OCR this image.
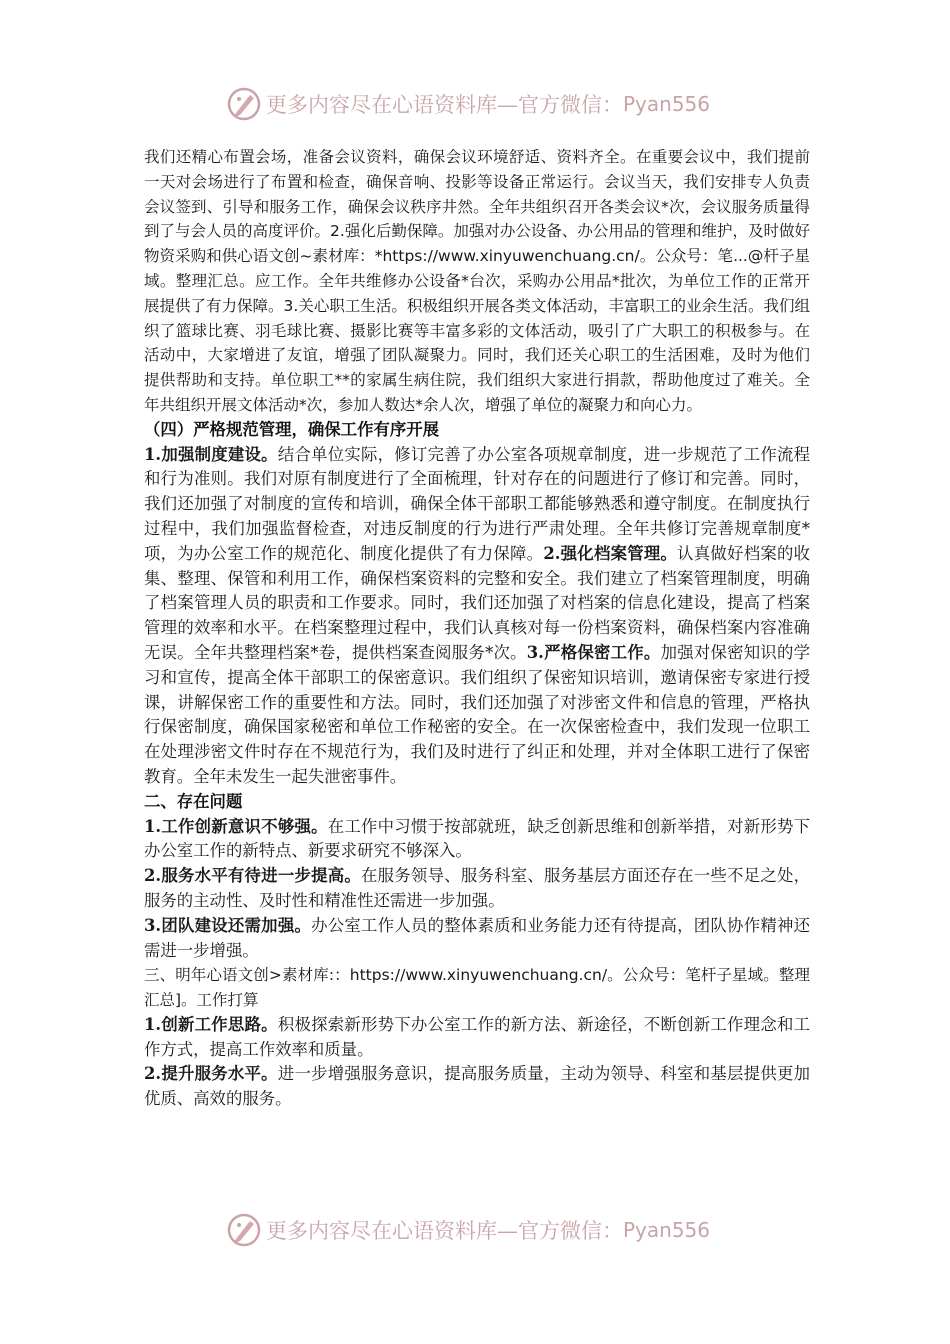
更多内容尽在心语资料库—官方微信： Pyan556

我们还精心布置会场，准备会议资料，确保会议环境舒适、资料齐全。在重要会议中，我们提前一天对会场进行了布置和检查，确保音响、投影等设备正常运行。会议当天，我们安排专人负责会议签到、引导和服务工作，确保会议秩序井然。全年共组织召开各类会议*次，会议服务质量得到了与会人员的高度评价。2.强化后勤保障。加强对办公设备、办公用品的管理和维护，及时做好物资采购和供心语文创~素材库：*https://www.xinyuwenchuang.cn/。公众号：笔...@杆子星域。整理汇总。应工作。全年共维修办公设备*台次，采购办公用品*批次，为单位工作的正常开展提供了有力保障。3.关心职工生活。积极组织开展各类文体活动，丰富职工的业余生活。我们组织了篮球比赛、羽毛球比赛、摄影比赛等丰富多彩的文体活动，吸引了广大职工的积极参与。在活动中，大家增进了友谊，增强了团队凝聚力。同时，我们还关心职工的生活困难，及时为他们提供帮助和支持。单位职工**的家属生病住院，我们组织大家进行捐款，帮助他度过了难关。全年共组织开展文体活动*次，参加人数达*余人次，增强了单位的凝聚力和向心力。

（四）严格规范管理，确保工作有序开展

1.加强制度建设。结合单位实际，修订完善了办公室各项规章制度，进一步规范了工作流程和行为准则。我们对原有制度进行了全面梳理，针对存在的问题进行了修订和完善。同时，我们还加强了对制度的宣传和培训，确保全体干部职工都能够熟悉和遵守制度。在制度执行过程中，我们加强监督检查，对违反制度的行为进行严肃处理。全年共修订完善规章制度*项，为办公室工作的规范化、制度化提供了有力保障。2.强化档案管理。认真做好档案的收集、整理、保管和利用工作，确保档案资料的完整和安全。我们建立了档案管理制度，明确了档案管理人员的职责和工作要求。同时，我们还加强了对档案的信息化建设，提高了档案管理的效率和水平。在档案整理过程中，我们认真核对每一份档案资料，确保档案内容准确无误。全年共整理档案*卷，提供档案查阅服务*次。3.严格保密工作。加强对保密知识的学习和宣传，提高全体干部职工的保密意识。我们组织了保密知识培训，邀请保密专家进行授课，讲解保密工作的重要性和方法。同时，我们还加强了对涉密文件和信息的管理，严格执行保密制度，确保国家秘密和单位工作秘密的安全。在一次保密检查中，我们发现一位职工在处理涉密文件时存在不规范行为，我们及时进行了纠正和处理，并对全体职工进行了保密教育。全年未发生一起失泄密事件。

二、存在问题

1.工作创新意识不够强。在工作中习惯于按部就班，缺乏创新思维和创新举措，对新形势下办公室工作的新特点、新要求研究不够深入。

2.服务水平有待进一步提高。在服务领导、服务科室、服务基层方面还存在一些不足之处，服务的主动性、及时性和精准性还需进一步加强。

3.团队建设还需加强。办公室工作人员的整体素质和业务能力还有待提高，团队协作精神还需进一步增强。

三、明年心语文创>素材库:：https://www.xinyuwenchuang.cn/。公众号：笔杆子星域。整理汇总]。工作打算

1.创新工作思路。积极探索新形势下办公室工作的新方法、新途径，不断创新工作理念和工作方式，提高工作效率和质量。

2.提升服务水平。进一步增强服务意识，提高服务质量，主动为领导、科室和基层提供更加优质、高效的服务。

更多内容尽在心语资料库—官方微信： Pyan556
